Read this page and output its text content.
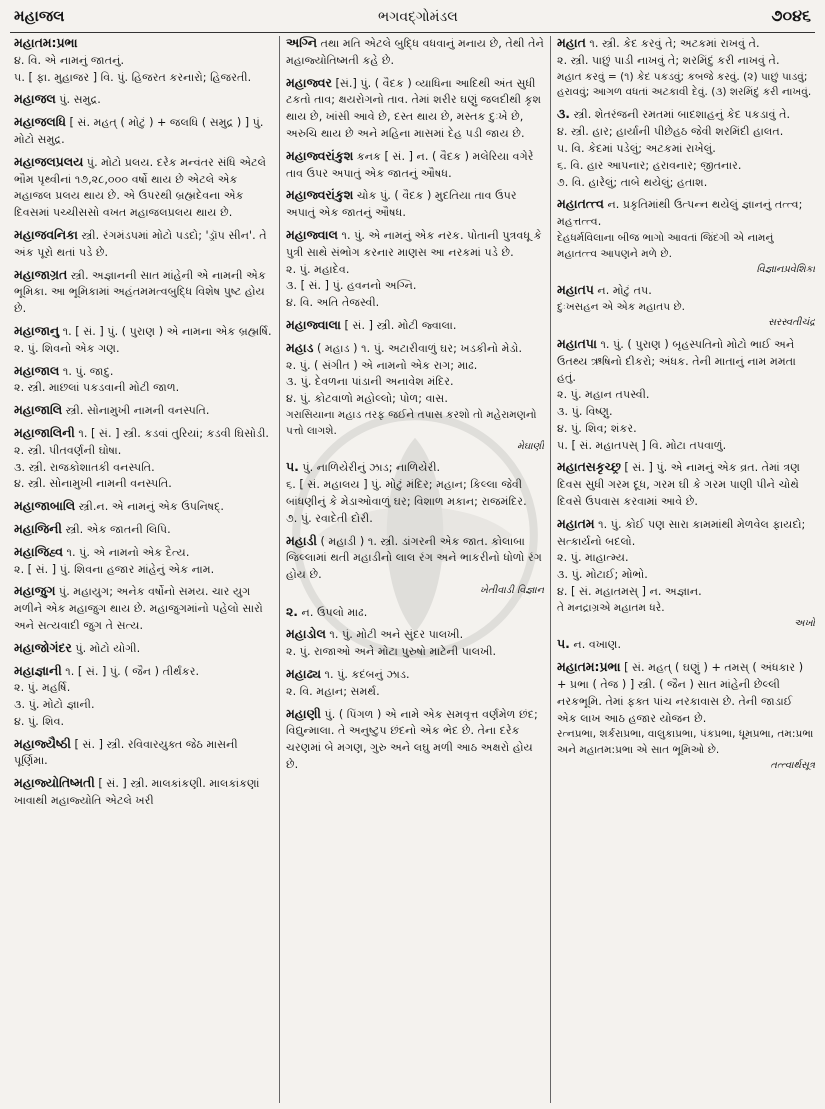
મહાજલ	ભગવદ્ગોમંડલ	૭૦૪૬

મહાતમ:પ્રભા

૪. વિ. એ નામનું જાતનું.

૫. [ ફા. મુહાજર ] વિ. પું. હિજરત કરનારો; હિજરતી.

મહાજલ પું. સમુદ્ર.

મહાજલધિ [ સં. મહત્ ( મોટું ) + જલધિ ( સમુદ્ર ) ] પું. મોટો સમુદ્ર.

મહાજલપ્રલય પું. મોટો પ્રલય. દરેક મન્વંતર સંધિ એટલે ભૌમ પૃથ્વીનાં ૧૭,૨૮,૦૦૦ વર્ષો થાય છે એટલે એક મહાજલ પ્રલય થાય છે. એ ઉપરથી બ્રહ્મદેવના એક દિવસમાં પચ્ચીસસો વખત મહાજલપ્રલય થાય છે.

મહાજવનિકા સ્ત્રી. રંગમંડપમાં મોટો પડદો; 'ડ્રૉપ સીન'. તે અંક પૂરો થતાં પડે છે.

મહાજાગ્રત સ્ત્રી. અજ્ઞાનની સાત માંહેની એ નામની એક ભૂમિકા. આ ભૂમિકામાં અહંતમમત્વબુદ્ધિ વિશેષ પુષ્ટ હોય છે.

મહાજાનુ ૧. [ સં. ] પું. ( પુરાણ ) એ નામના એક બ્રહ્મર્ષિ.

૨. પું. શિવનો એક ગણ.

મહાજાલ ૧. પું. જાદુ.

૨. સ્ત્રી. માછલાં પકડવાની મોટી જાળ.

મહાજાલિ સ્ત્રી. સોનામુખી નામની વનસ્પતિ.

મહાજાલિની ૧. [ સં. ] સ્ત્રી. કડવાં તુરિયાં; કડવી ઘિસોડી.

૨. સ્ત્રી. પીતવર્ણની ઘોષા.

૩. સ્ત્રી. રાજકોશાતકી વનસ્પતિ.

૪. સ્ત્રી. સોનામુખી નામની વનસ્પતિ.

મહાજાબાલિ સ્ત્રી.ન. એ નામનું એક ઉપનિષદ્.

મહાજિની સ્ત્રી. એક જાતની લિપિ.

મહાજિહ્વ ૧. પું. એ નામનો એક દૈત્ય.

૨. [ સં. ] પું. શિવના હજાર માંહેનું એક નામ.

મહાજુગ પું. મહાયુગ; અનેક વર્ષોનો સમય. ચાર યુગ મળીને એક મહાજુગ થાય છે. મહાજુગમાંનો પહેલો સારો અને સત્યવાદી જુગ તે સત્ય.

મહાજોગંદર પું. મોટો યોગી.

મહાજ્ઞાની ૧. [ સં. ] પું. ( જૈન ) તીર્થંકર.

૨. પું. મહર્ષિ.

૩. પું. મોટો જ્ઞાની.

૪. પું. શિવ.

મહાજ્યૈષ્ઠી [ સં. ] સ્ત્રી. રવિવારયુક્ત જેઠ માસની પૂર્ણિમા.

મહાજ્યોતિષ્મતી [ સં. ] સ્ત્રી. માલકાંકણી. માલકાંકણાં ખાવાથી મહાજ્યોતિ એટલે ખરી

અગ્નિ તથા મતિ એટલે બુદ્ધિ વધવાનું મનાય છે, તેથી તેને મહાજ્યોતિષ્મતી કહે છે.

મહાજ્વર [સં.] પું. ( વૈદક ) વ્યાધિના આદિથી અંત સુધી ટકતો તાવ; ક્ષયરોગનો તાવ. તેમાં શરીર ઘણું જલદીથી કૃશ થાય છે, ખાંસી આવે છે, દસ્ત થાય છે, મસ્તક દુઃખે છે, અરુચિ થાય છે અને મહિના માસમાં દેહ પડી જાય છે.

મહાજ્વરાંકુશ કનક [ સં. ] ન. ( વૈદક ) મલેરિયા વગેરે તાવ ઉપર અપાતું એક જાતનું ઔષધ.

મહાજ્વરાંકુશ ચોક પું. ( વૈદક ) મુદતિયા તાવ ઉપર અપાતું એક જાતનું ઔષધ.

મહાજ્વાલ ૧. પું. એ નામનું એક નરક. પોતાની પુત્રવધૂ કે પુત્રી સાથે સંભોગ કરનાર માણસ આ નરકમાં પડે છે.

૨. પું. મહાદેવ.

૩. [ સં. ] પું. હવનનો અગ્નિ.

૪. વિ. અતિ તેજસ્વી.

મહાજ્વાલા [ સં. ] સ્ત્રી. મોટી જ્વાલા.

મહાડ ( મહાડ ) ૧. પું. અટારીવાળું ઘર; ખડકીનો મેડો.

૨. પું. ( સંગીત ) એ નામનો એક રાગ; માઢ.

૩. પું. દેવળના પાંડાની અનાવેશ મંદિર.

૪. પું. કોટવાળો મહોલ્લો; પોળ; વાસ.

ગરાસિયાના મહાડ તરફ જઈને તપાસ કરશો તો મહેરામણનો પત્તો લાગશે.

મેઘાણી

૫. પું. નાળિયેરીનું ઝાડ; નાળિયેરી.

૬. [ સં. મહાલય ] પું. મોટું મંદિર; મહાન; કિલ્લા જેવી બાંધણીનું કે મેડાઓવાળું ઘર; વિશાળ મકાન; રાજમંદિર.

૭. પું. રવાદેતી દોરી.

મહાડી ( મહાડી ) ૧. સ્ત્રી. ડાંગરની એક જાત. કોલાબા જિલ્લામાં થતી મહાડીનો લાલ રંગ અને ભાકરીનો ધોળો રંગ હોય છે.

ખેતીવાડી વિજ્ઞાન

૨. ન. ઉપલો માઢ.

મહાડોલ ૧. પું. મોટી અને સુંદર પાલખી.

૨. પું. રાજાઓ અને મોટા પુરુષો માટેની પાલખી.

મહાઢ્ય ૧. પું. કદંબનું ઝાડ.

૨. વિ. મહાન; સમર્થ.

મહાણી પું. ( પિંગળ ) એ નામે એક સમવૃત્ત વર્ણમેળ છંદ; વિદ્યુન્માલા. તે અનુષ્ટુપ છંદનો એક ભેદ છે. તેના દરેક ચરણમાં બે મગણ, ગુરુ અને લઘુ મળી આઠ અક્ષરો હોય છે.

મહાત ૧. સ્ત્રી. કેદ કરવું તે; અટકમાં રાખવું તે.

૨. સ્ત્રી. પાછું પાડી નાખવું તે; શરમિંદું કરી નાખવું તે.

મહાત કરવું = (૧) કેદ પકડવું; કબજે કરવું. (૨) પાછું પાડવું; હરાવવું; આગળ વધતાં અટકાવી દેવું. (૩) શરમિંદું કરી નાખવું.

૩. સ્ત્રી. શેતરંજની રમતમાં બાદશાહનું કેદ પકડાવું તે.

૪. સ્ત્રી. હાર; હાર્યાની પીછેહઠ જેવી શરમિંદી હાલત.

૫. વિ. કેદમાં પડેલું; અટકમાં રાખેલું.

૬. વિ. હાર આપનાર; હરાવનાર; જીતનાર.

૭. વિ. હારેલું; તાબે થયેલું; હતાશ.

મહાતત્ત્વ ન. પ્રકૃતિમાંથી ઉત્પન્ન થયેલું જ્ઞાનનું તત્ત્વ; મહત્તત્ત્વ.

દેહધર્મવિલાના બીજ ભાગો આવતાં જિંદગી એ નામનું મહાતત્ત્વ આપણને મળે છે.

વિજ્ઞાનપ્રવેશિકા

મહાતપ ન. મોટું તપ.

દુઃખસહન એ એક મહાતપ છે.

સરસ્વતીચંદ્ર

મહાતપા ૧. પું. ( પુરાણ ) બૃહસ્પતિનો મોટો ભાઈ અને ઉતથ્ય ઋષિનો દીકરો; અંધક. તેની માતાનું નામ મમતા હતું.

૨. પું. મહાન તપસ્વી.

૩. પું. વિષ્ણુ.

૪. પું. શિવ; શંકર.

૫. [ સં. મહાતપસ્ ] વિ. મોટા તપવાળું.

મહાતસકૃચ્છ્ર [ સં. ] પું. એ નામનું એક વ્રત. તેમાં ત્રણ દિવસ સુધી ગરમ દૂધ, ગરમ ઘી કે ગરમ પાણી પીને ચોથે દિવસે ઉપવાસ કરવામાં આવે છે.

મહાતમ ૧. પું. કોઈ પણ સારા કામમાંથી મેળવેલ ફાયદો; સત્કાર્યનો બદલો.

૨. પું. માહાત્મ્ય.

૩. પું. મોટાઈ; મોભો.

૪. [ સં. મહાતમસ્ ] ન. અજ્ઞાન.

તે મનદ્રાગ્રએ મહાતમ ધરે.

અખો

૫. ન. વખાણ.

મહાતમ:પ્રભા [ સં. મહત્ ( ઘણું ) + તમસ્ ( અંધકાર ) + પ્રભા ( તેજ ) ] સ્ત્રી. ( જૈન ) સાત માંહેની છેલ્લી નરકભૂમિ. તેમાં ફક્ત પાંચ નરકાવાસ છે. તેની જાડાઈ એક લાખ આઠ હજાર યોજન છે.

રત્નપ્રભા, શર્કરાપ્રભા, વાલુકાપ્રભા, પંકપ્રભા, ધૂમપ્રભા, તમ:પ્રભા અને મહાતમ:પ્રભા એ સાત ભૂમિઓ છે.

તત્ત્વાર્થસૂત્ર
